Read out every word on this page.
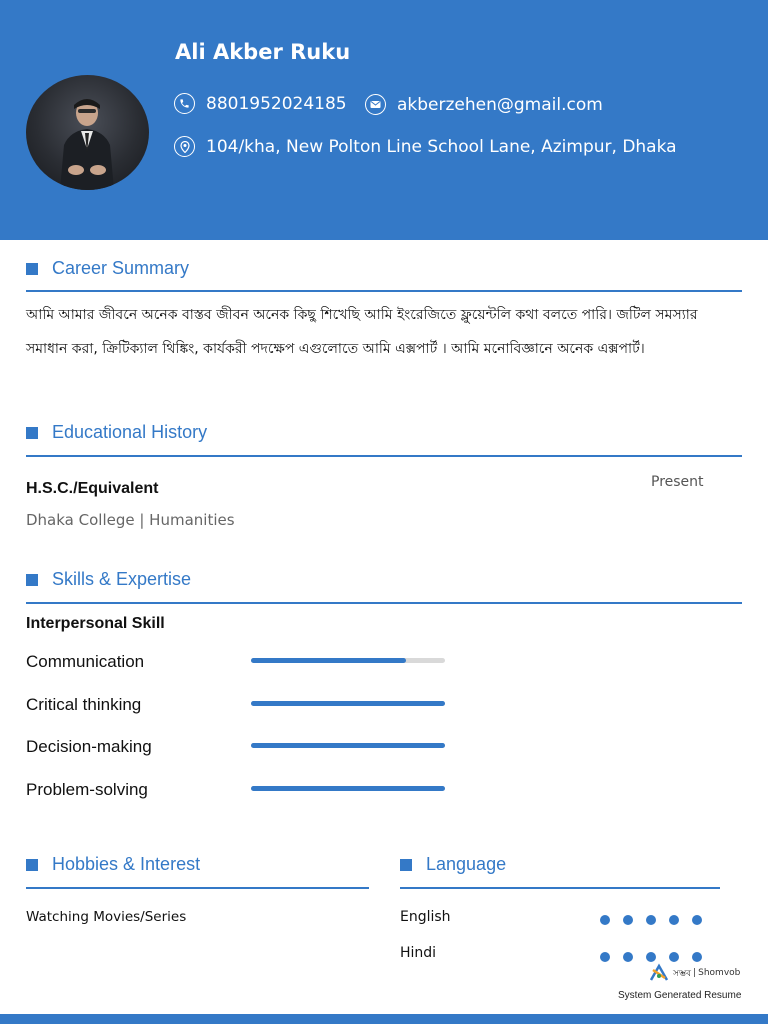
Ali Akber Ruku
8801952024185	akberzehen@gmail.com
104/kha, New Polton Line School Lane, Azimpur, Dhaka
Career Summary
আমি আমার জীবনে অনেক বাস্তব জীবন অনেক কিছু শিখেছি আমি ইংরেজিতে ফ্লুয়েন্টলি কথা বলতে পারি। জটিল সমস্যার সমাধান করা, ক্রিটিক্যাল থিঙ্কিং, কার্যকরী পদক্ষেপ এগুলোতে আমি এক্সপার্ট । আমি মনোবিজ্ঞানে অনেক এক্সপার্ট।
Educational History
H.S.C./Equivalent
Dhaka College | Humanities
Present
Skills & Expertise
Interpersonal Skill
Communication
Critical thinking
Decision-making
Problem-solving
Hobbies & Interest
Watching Movies/Series
Language
English
Hindi
সম্ভব | Shomvob
System Generated Resume
